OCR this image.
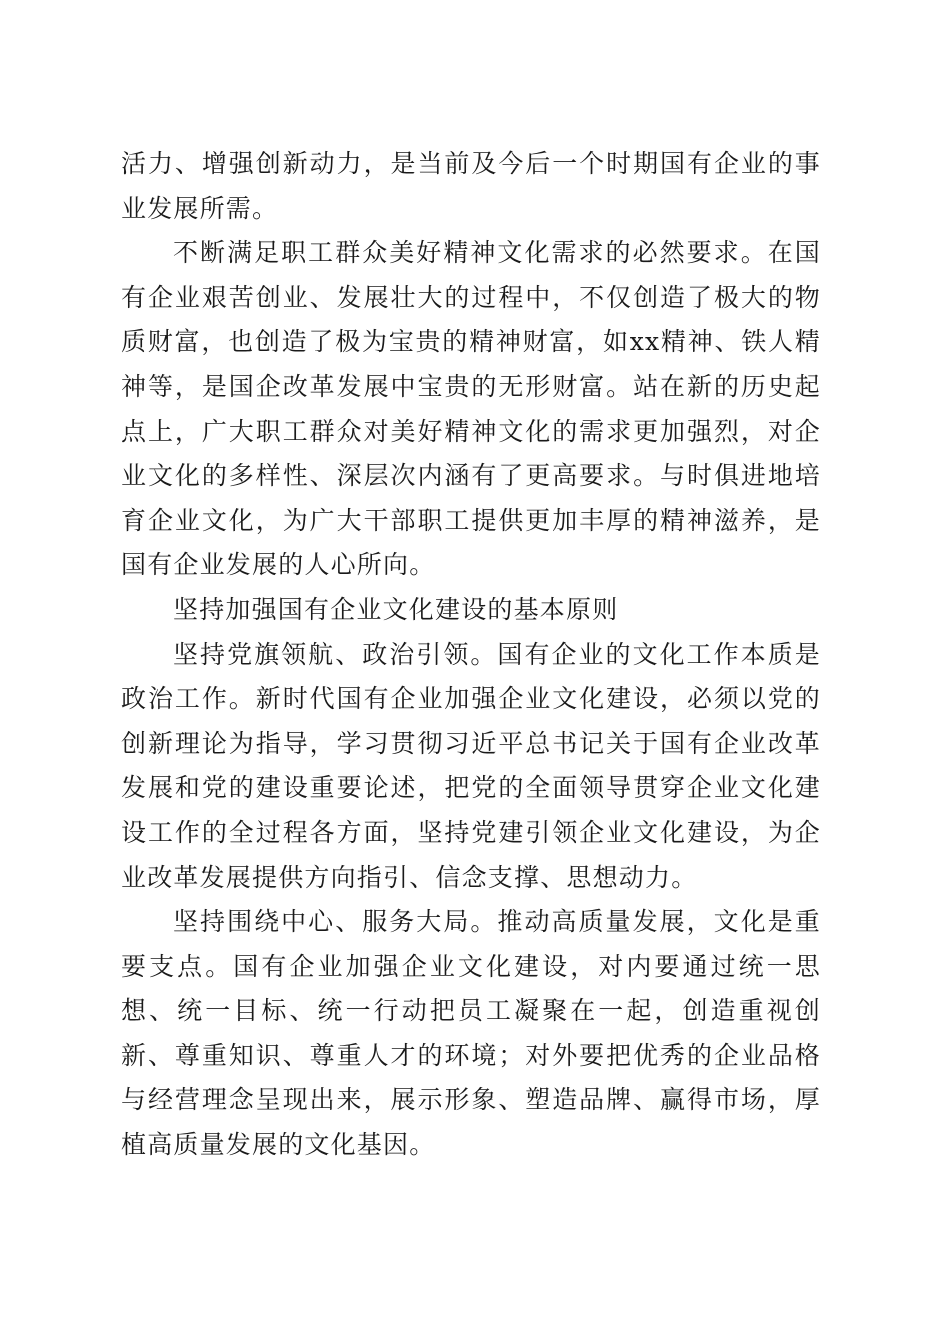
活力、增强创新动力，是当前及今后一个时期国有企业的事业发展所需。

不断满足职工群众美好精神文化需求的必然要求。在国有企业艰苦创业、发展壮大的过程中，不仅创造了极大的物质财富，也创造了极为宝贵的精神财富，如xx精神、铁人精神等，是国企改革发展中宝贵的无形财富。站在新的历史起点上，广大职工群众对美好精神文化的需求更加强烈，对企业文化的多样性、深层次内涵有了更高要求。与时俱进地培育企业文化，为广大干部职工提供更加丰厚的精神滋养，是国有企业发展的人心所向。

坚持加强国有企业文化建设的基本原则

坚持党旗领航、政治引领。国有企业的文化工作本质是政治工作。新时代国有企业加强企业文化建设，必须以党的创新理论为指导，学习贯彻习近平总书记关于国有企业改革发展和党的建设重要论述，把党的全面领导贯穿企业文化建设工作的全过程各方面，坚持党建引领企业文化建设，为企业改革发展提供方向指引、信念支撑、思想动力。

坚持围绕中心、服务大局。推动高质量发展，文化是重要支点。国有企业加强企业文化建设，对内要通过统一思想、统一目标、统一行动把员工凝聚在一起，创造重视创新、尊重知识、尊重人才的环境；对外要把优秀的企业品格与经营理念呈现出来，展示形象、塑造品牌、赢得市场，厚植高质量发展的文化基因。
